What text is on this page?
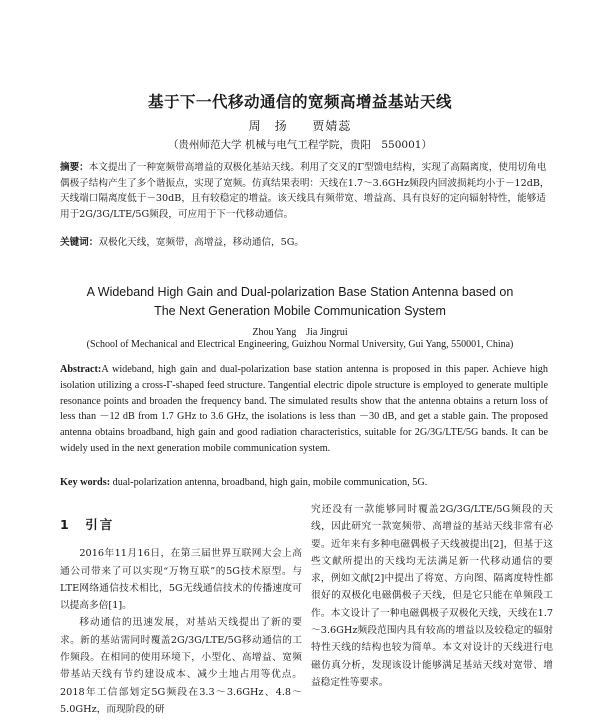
基于下一代移动通信的宽频高增益基站天线
周　扬 贾婧蕊
（贵州师范大学 机械与电气工程学院，贵阳　550001）
摘要：本文提出了一种宽频带高增益的双极化基站天线。利用了交叉的Γ型馈电结构，实现了高隔离度，使用切角电偶极子结构产生了多个谐振点，实现了宽频。仿真结果表明：天线在1.7～3.6GHz频段内回波损耗均小于－12dB，天线端口隔离度低于－30dB，且有较稳定的增益。该天线具有频带宽、增益高、具有良好的定向辐射特性，能够适用于2G/3G/LTE/5G频段，可应用于下一代移动通信。
关键词：双极化天线，宽频带，高增益，移动通信，5G。
A Wideband High Gain and Dual-polarization Base Station Antenna based on
The Next Generation Mobile Communication System
Zhou Yang　Jia Jingrui
(School of Mechanical and Electrical Engineering, Guizhou Normal University, Gui Yang, 550001, China)
Abstract:A wideband, high gain and dual-polarization base station antenna is proposed in this paper. Achieve high isolation utilizing a cross-Γ-shaped feed structure. Tangential electric dipole structure is employed to generate multiple resonance points and broaden the frequency band. The simulated results show that the antenna obtains a return loss of less than －12 dB from 1.7 GHz to 3.6 GHz, the isolations is less than －30 dB, and get a stable gain. The proposed antenna obtains broadband, high gain and good radiation characteristics, suitable for 2G/3G/LTE/5G bands. It can be widely used in the next generation mobile communication system.
Key words: dual-polarization antenna, broadband, high gain, mobile communication, 5G.
1　引言

2016年11月16日，在第三届世界互联网大会上高通公司带来了可以实现“万物互联”的5G技术原型。与LTE网络通信技术相比，5G无线通信技术的传播速度可以提高多倍[1]。

移动通信的迅速发展，对基站天线提出了新的要求。新的基站需同时覆盖2G/3G/LTE/5G移动通信的工作频段。在相同的使用环境下，小型化、高增益、宽频带基站天线有节约建设成本、减少土地占用等优点。2018年工信部划定5G频段在3.3～3.6GHz、4.8～5.0GHz，而现阶段的研

究还没有一款能够同时覆盖2G/3G/LTE/5G频段的天线，因此研究一款宽频带、高增益的基站天线非常有必要。近年来有多种电磁偶极子天线被提出[2]，但基于这些文献所提出的天线均无法满足新一代移动通信的要求，例如文献[2]中提出了将宽、方向图、隔离度特性都很好的双极化电磁偶极子天线，但是它只能在单频段工作。本文设计了一种电磁偶极子双极化天线，天线在1.7～3.6GHz频段范围内具有较高的增益以及较稳定的辐射特性天线的结构也较为简单。本文对设计的天线进行电磁仿真分析，发现该设计能够满足基站天线对宽带、增益稳定性等要求。
